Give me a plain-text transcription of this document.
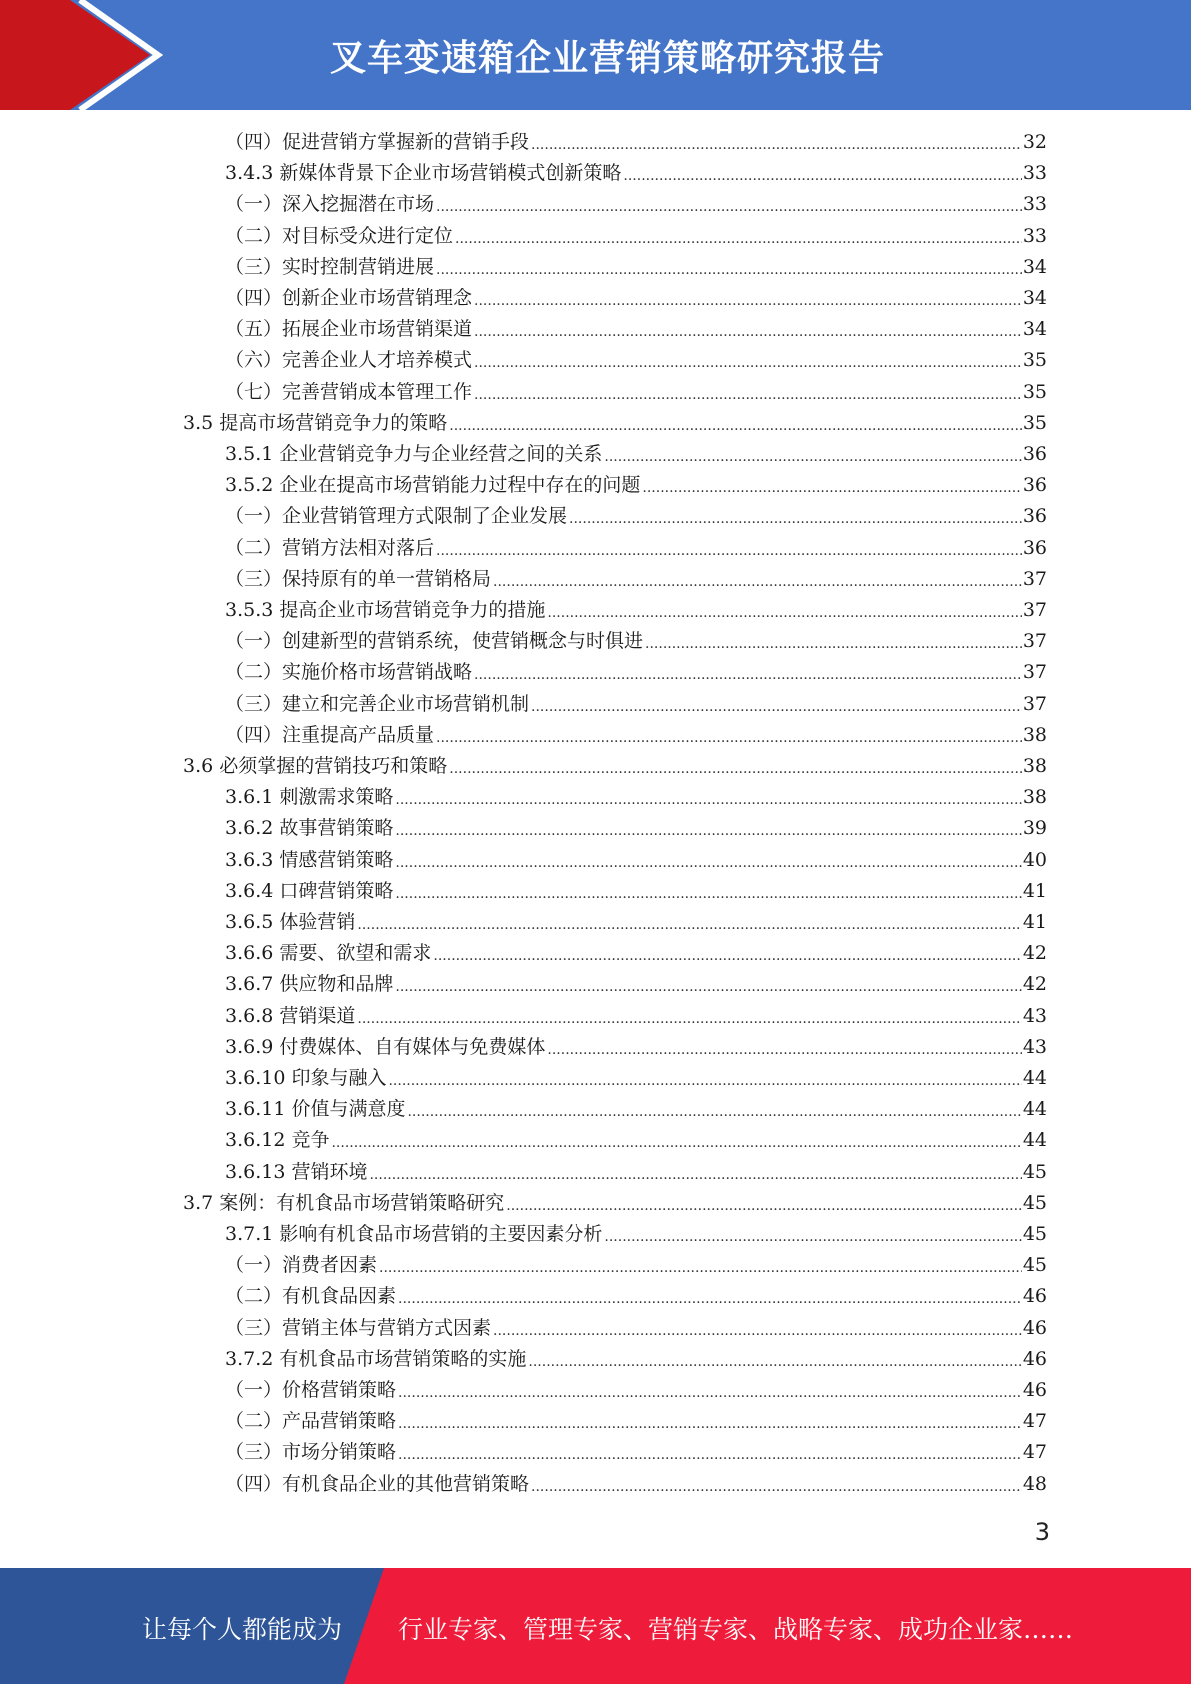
叉车变速箱企业营销策略研究报告
（四）促进营销方掌握新的营销手段 .....	32
3.4.3 新媒体背景下企业市场营销模式创新策略 .....	33
（一）深入挖掘潜在市场 .....	33
（二）对目标受众进行定位 .....	33
（三）实时控制营销进展 .....	34
（四）创新企业市场营销理念 .....	34
（五）拓展企业市场营销渠道 .....	34
（六）完善企业人才培养模式 .....	35
（七）完善营销成本管理工作 .....	35
3.5 提高市场营销竞争力的策略 .....	35
3.5.1 企业营销竞争力与企业经营之间的关系 .....	36
3.5.2 企业在提高市场营销能力过程中存在的问题 .....	36
（一）企业营销管理方式限制了企业发展 .....	36
（二）营销方法相对落后 .....	36
（三）保持原有的单一营销格局 .....	37
3.5.3 提高企业市场营销竞争力的措施 .....	37
（一）创建新型的营销系统，使营销概念与时俱进 .....	37
（二）实施价格市场营销战略 .....	37
（三）建立和完善企业市场营销机制 .....	37
（四）注重提高产品质量 .....	38
3.6 必须掌握的营销技巧和策略 .....	38
3.6.1 刺激需求策略 .....	38
3.6.2 故事营销策略 .....	39
3.6.3 情感营销策略 .....	40
3.6.4 口碑营销策略 .....	41
3.6.5 体验营销 .....	41
3.6.6 需要、欲望和需求 .....	42
3.6.7 供应物和品牌 .....	42
3.6.8 营销渠道 .....	43
3.6.9 付费媒体、自有媒体与免费媒体 .....	43
3.6.10 印象与融入 .....	44
3.6.11 价值与满意度 .....	44
3.6.12 竞争 .....	44
3.6.13 营销环境 .....	45
3.7 案例：有机食品市场营销策略研究 .....	45
3.7.1 影响有机食品市场营销的主要因素分析 .....	45
（一）消费者因素 .....	45
（二）有机食品因素 .....	46
（三）营销主体与营销方式因素 .....	46
3.7.2 有机食品市场营销策略的实施 .....	46
（一）价格营销策略 .....	46
（二）产品营销策略 .....	47
（三）市场分销策略 .....	47
（四）有机食品企业的其他营销策略 .....	48
3
让每个人都能成为 行业专家、管理专家、营销专家、战略专家、成功企业家……
